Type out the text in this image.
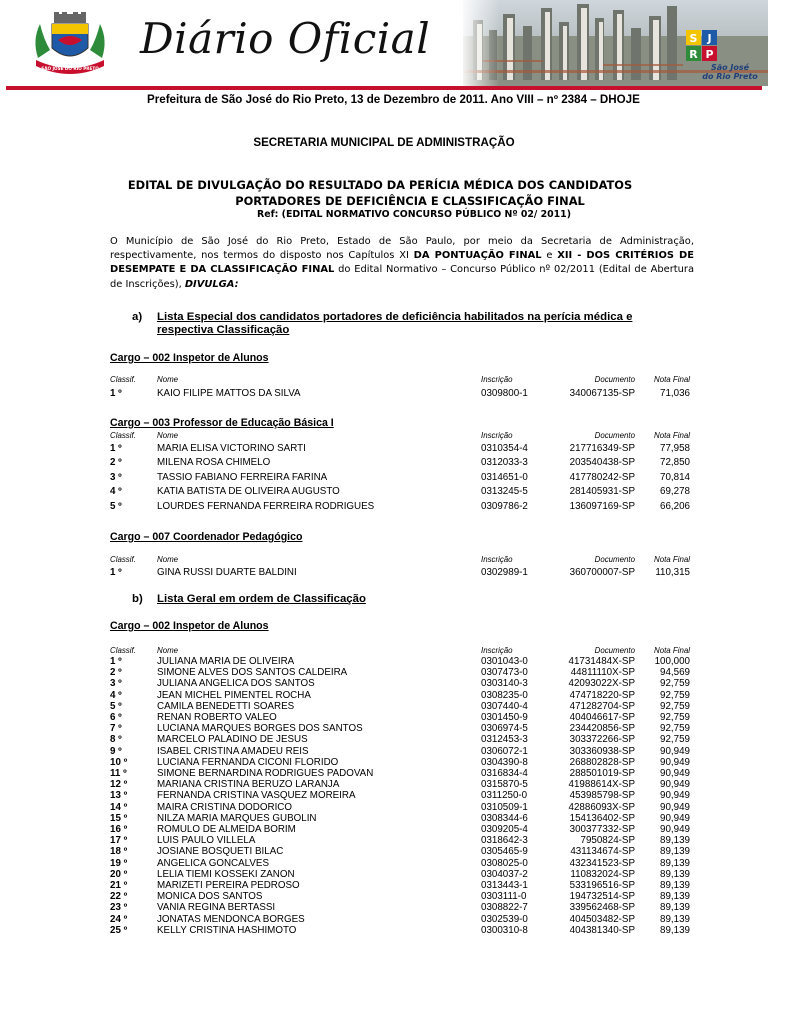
SÃO JOSÉ DO RIO PRETO
Diário Oficial	S J
R P
São José
do Rio Preto
Prefeitura de São José do Rio Preto, 13 de Dezembro de 2011. Ano VIII – nº 2384 – DHOJE
SECRETARIA MUNICIPAL DE ADMINISTRAÇÃO
EDITAL DE DIVULGAÇÃO DO RESULTADO DA PERÍCIA MÉDICA DOS CANDIDATOS
PORTADORES DE DEFICIÊNCIA E CLASSIFICAÇÃO FINAL
Ref: (EDITAL NORMATIVO CONCURSO PÚBLICO Nº 02/ 2011)
O Município de São José do Rio Preto, Estado de São Paulo, por meio da Secretaria de Administração, respectivamente, nos termos do disposto nos Capítulos XI DA PONTUAÇÃO FINAL e XII - DOS CRITÉRIOS DE DESEMPATE E DA CLASSIFICAÇÃO FINAL do Edital Normativo – Concurso Público nº 02/2011 (Edital de Abertura de Inscrições), DIVULGA:
a) Lista Especial dos candidatos portadores de deficiência habilitados na perícia médica e
respectiva Classificação
Cargo – 002 Inspetor de Alunos
Classif.	Nome	Inscrição	Documento	Nota Final
1 º	KAIO FILIPE MATTOS DA SILVA	0309800-1	340067135-SP	71,036
Cargo – 003 Professor de Educação Básica I
Classif.	Nome	Inscrição	Documento	Nota Final
1 º	MARIA ELISA VICTORINO SARTI	0310354-4	217716349-SP	77,958
2 º	MILENA ROSA CHIMELO	0312033-3	203540438-SP	72,850
3 º	TASSIO FABIANO FERREIRA FARINA	0314651-0	417780242-SP	70,814
4 º	KATIA BATISTA DE OLIVEIRA AUGUSTO	0313245-5	281405931-SP	69,278
5 º	LOURDES FERNANDA FERREIRA RODRIGUES	0309786-2	136097169-SP	66,206
Cargo – 007 Coordenador Pedagógico
Classif.	Nome	Inscrição	Documento	Nota Final
1 º	GINA RUSSI DUARTE BALDINI	0302989-1	360700007-SP	110,315
b) Lista Geral em ordem de Classificação
Cargo – 002 Inspetor de Alunos
Classif.	Nome	Inscrição	Documento	Nota Final
1 º	JULIANA MARIA DE OLIVEIRA	0301043-0	41731484X-SP	100,000
2 º	SIMONE ALVES DOS SANTOS CALDEIRA	0307473-0	44811110X-SP	94,569
3 º	JULIANA ANGELICA DOS SANTOS	0303140-3	42093022X-SP	92,759
4 º	JEAN MICHEL PIMENTEL ROCHA	0308235-0	474718220-SP	92,759
5 º	CAMILA BENEDETTI SOARES	0307440-4	471282704-SP	92,759
6 º	RENAN ROBERTO VALEO	0301450-9	404046617-SP	92,759
7 º	LUCIANA MARQUES BORGES DOS SANTOS	0306974-5	234420856-SP	92,759
8 º	MARCELO PALADINO DE JESUS	0312453-3	303372266-SP	92,759
9 º	ISABEL CRISTINA AMADEU REIS	0306072-1	303360938-SP	90,949
10 º	LUCIANA FERNANDA CICONI FLORIDO	0304390-8	268802828-SP	90,949
11 º	SIMONE BERNARDINA RODRIGUES PADOVAN	0316834-4	288501019-SP	90,949
12 º	MARIANA CRISTINA BERUZO LARANJA	0315870-5	41988614X-SP	90,949
13 º	FERNANDA CRISTINA VASQUEZ MOREIRA	0311250-0	453985798-SP	90,949
14 º	MAIRA CRISTINA DODORICO	0310509-1	42886093X-SP	90,949
15 º	NILZA MARIA MARQUES GUBOLIN	0308344-6	154136402-SP	90,949
16 º	ROMULO DE ALMEIDA BORIM	0309205-4	300377332-SP	90,949
17 º	LUIS PAULO VILLELA	0318642-3	7950824-SP	89,139
18 º	JOSIANE BOSQUETI BILAC	0305465-9	431134674-SP	89,139
19 º	ANGELICA GONCALVES	0308025-0	432341523-SP	89,139
20 º	LELIA TIEMI KOSSEKI ZANON	0304037-2	110832024-SP	89,139
21 º	MARIZETI PEREIRA PEDROSO	0313443-1	533196516-SP	89,139
22 º	MONICA DOS SANTOS	0303111-0	194732514-SP	89,139
23 º	VANIA REGINA BERTASSI	0308822-7	339562468-SP	89,139
24 º	JONATAS MENDONCA BORGES	0302539-0	404503482-SP	89,139
25 º	KELLY CRISTINA HASHIMOTO	0300310-8	404381340-SP	89,139
